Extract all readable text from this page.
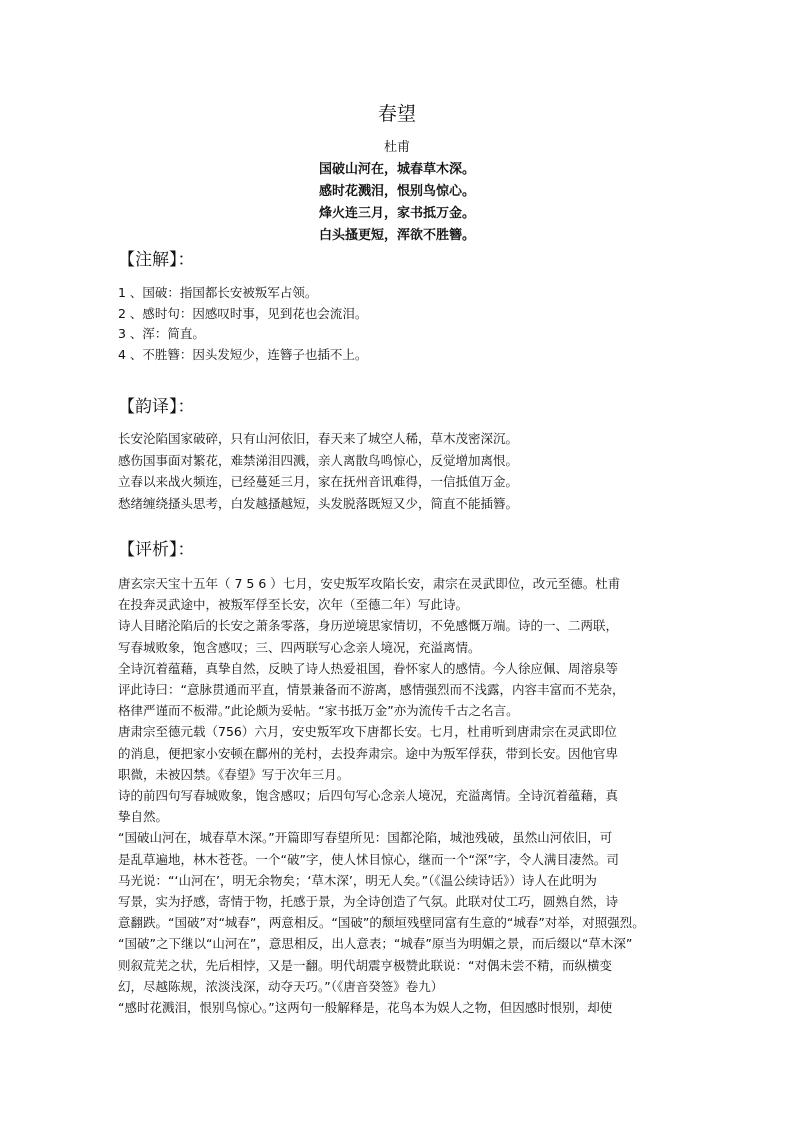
春望
杜甫
国破山河在，城春草木深。
感时花溅泪，恨别鸟惊心。
烽火连三月，家书抵万金。
白头搔更短，浑欲不胜簪。
【注解】：
1 、国破：指国都长安被叛军占领。
2 、感时句：因感叹时事，见到花也会流泪。
3 、浑：简直。
4 、不胜簪：因头发短少，连簪子也插不上。
【韵译】：
长安沦陷国家破碎，只有山河依旧，春天来了城空人稀，草木茂密深沉。
感伤国事面对繁花，难禁涕泪四溅，亲人离散鸟鸣惊心，反觉增加离恨。
立春以来战火频连，已经蔓延三月，家在抚州音讯难得，一信抵值万金。
愁绪缠绕搔头思考，白发越搔越短，头发脱落既短又少，简直不能插簪。
【评析】：

唐玄宗天宝十五年（ 7 5 6 ）七月，安史叛军攻陷长安，肃宗在灵武即位，改元至德。杜甫

在投奔灵武途中，被叛军俘至长安，次年（至德二年）写此诗。

诗人目睹沦陷后的长安之萧条零落，身历逆境思家情切，不免感慨万端。诗的一、二两联，

写春城败象，饱含感叹；三、四两联写心念亲人境况，充溢离情。

全诗沉着蕴藉，真挚自然，反映了诗人热爱祖国，眷怀家人的感情。今人徐应佩、周溶泉等

评此诗曰：“意脉贯通而平直，情景兼备而不游离，感情强烈而不浅露，内容丰富而不芜杂，

格律严谨而不板滞。”此论颇为妥帖。“家书抵万金”亦为流传千古之名言。

唐肃宗至德元载（756）六月，安史叛军攻下唐都长安。七月，杜甫听到唐肃宗在灵武即位

的消息，便把家小安顿在鄜州的羌村，去投奔肃宗。途中为叛军俘获，带到长安。因他官卑

职微，未被囚禁。《春望》写于次年三月。

诗的前四句写春城败象，饱含感叹；后四句写心念亲人境况，充溢离情。全诗沉着蕴藉，真

挚自然。

“国破山河在，城春草木深。”开篇即写春望所见：国都沦陷，城池残破，虽然山河依旧，可

是乱草遍地，林木苍苍。一个“破”字，使人怵目惊心，继而一个“深”字，令人满目凄然。司

马光说：“‘山河在’，明无余物矣；‘草木深’，明无人矣。”（《温公续诗话》）诗人在此明为

写景，实为抒感，寄情于物，托感于景，为全诗创造了气氛。此联对仗工巧，圆熟自然，诗

意翻跌。“国破”对“城春”，两意相反。“国破”的颓垣残壁同富有生意的“城春”对举，对照强烈。

“国破”之下继以“山河在”，意思相反，出人意表；“城春”原当为明媚之景，而后缀以“草木深”

则叙荒芜之状，先后相悖，又是一翻。明代胡震亨极赞此联说：“对偶未尝不精，而纵横变

幻，尽越陈规，浓淡浅深，动夺天巧。”（《唐音癸签》卷九）

“感时花溅泪，恨别鸟惊心。”这两句一般解释是，花鸟本为娱人之物，但因感时恨别，却使
